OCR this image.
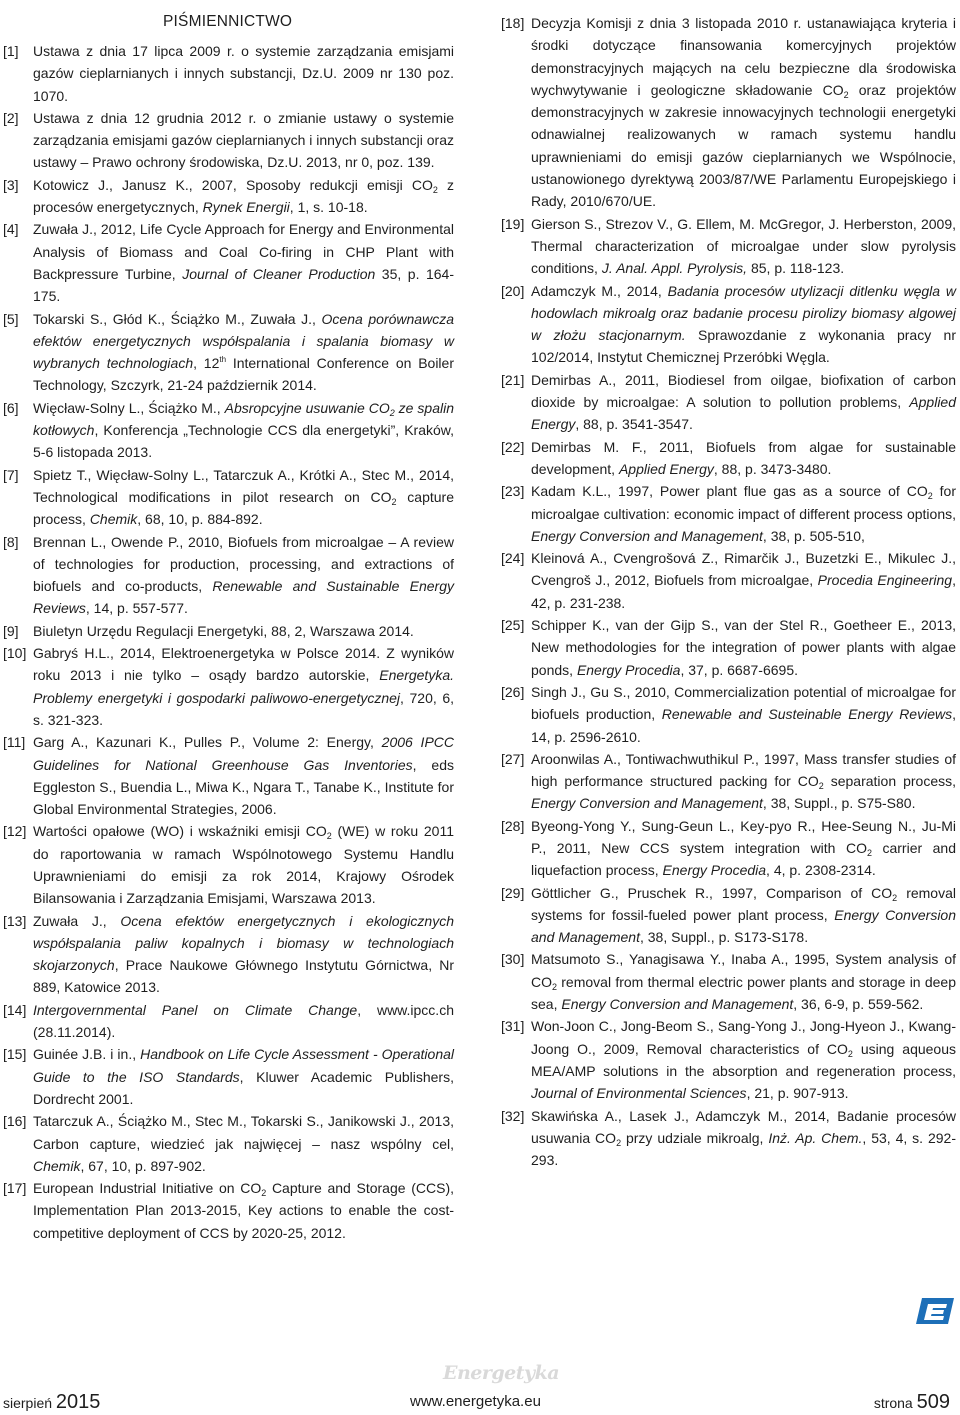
PIŚMIENNICTWO
[1]	Ustawa z dnia 17 lipca 2009 r. o systemie zarządzania emisjami gazów cieplarnianych i innych substancji, Dz.U. 2009 nr 130 poz. 1070.
[2]	Ustawa z dnia 12 grudnia 2012 r. o zmianie ustawy o systemie zarządzania emisjami gazów cieplarnianych i innych substancji oraz ustawy – Prawo ochrony środowiska, Dz.U. 2013, nr 0, poz. 139.
[3]	Kotowicz J., Janusz K., 2007, Sposoby redukcji emisji $CO_2$ z procesów energetycznych, Rynek Energii, 1, s. 10-18.
[4]	Zuwała J., 2012, Life Cycle Approach for Energy and Environmental Analysis of Biomass and Coal Co-firing in CHP Plant with Backpressure Turbine, Journal of Cleaner Production 35, p. 164-175.
[5]	Tokarski S., Głód K., Ściążko M., Zuwała J., Ocena porównawcza efektów energetycznych współspalania i spalania biomasy w wybranych technologiach, 12th International Conference on Boiler Technology, Szczyrk, 21-24 październik 2014.
[6]	Więcław-Solny L., Ściążko M., Absropcyjne usuwanie $CO_2$ ze spalin kotłowych, Konferencja „Technologie CCS dla energetyki”, Kraków, 5-6 listopada 2013.
[7]	Spietz T., Więcław-Solny L., Tatarczuk A., Krótki A., Stec M., 2014, Technological modifications in pilot research on $CO_2$ capture process, Chemik, 68, 10, p. 884-892.
[8]	Brennan L., Owende P., 2010, Biofuels from microalgae – A review of technologies for production, processing, and extractions of biofuels and co-products, Renewable and Sustainable Energy Reviews, 14, p. 557-577.
[9]	Biuletyn Urzędu Regulacji Energetyki, 88, 2, Warszawa 2014.
[10] Gabryś H.L., 2014, Elektroenergetyka w Polsce 2014. Z wyników roku 2013 i nie tylko – osądy bardzo autorskie, Energetyka. Problemy energetyki i gospodarki paliwowo-energetycznej, 720, 6, s. 321-323.
[11] Garg A., Kazunari K., Pulles P., Volume 2: Energy, 2006 IPCC Guidelines for National Greenhouse Gas Inventories, eds Eggleston S., Buendia L., Miwa K., Ngara T., Tanabe K., Institute for Global Environmental Strategies, 2006.
[12] Wartości opałowe (WO) i wskaźniki emisji $CO_2$ (WE) w roku 2011 do raportowania w ramach Wspólnotowego Systemu Handlu Uprawnieniami do emisji za rok 2014, Krajowy Ośrodek Bilansowania i Zarządzania Emisjami, Warszawa 2013.
[13] Zuwała J., Ocena efektów energetycznych i ekologicznych współspalania paliw kopalnych i biomasy w technologiach skojarzonych, Prace Naukowe Głównego Instytutu Górnictwa, Nr 889, Katowice 2013.
[14] Intergovernmental Panel on Climate Change, www.ipcc.ch (28.11.2014).
[15] Guinée J.B. i in., Handbook on Life Cycle Assessment - Operational Guide to the ISO Standards, Kluwer Academic Publishers, Dordrecht 2001.
[16] Tatarczuk A., Ściążko M., Stec M., Tokarski S., Janikowski J., 2013, Carbon capture, wiedzieć jak najwięcej – nasz wspólny cel, Chemik, 67, 10, p. 897-902.
[17] European Industrial Initiative on $CO_2$ Capture and Storage (CCS), Implementation Plan 2013-2015, Key actions to enable the cost-competitive deployment of CCS by 2020-25, 2012.
[18] Decyzja Komisji z dnia 3 listopada 2010 r. ustanawiająca kryteria i środki dotyczące finansowania komercyjnych projektów demonstracyjnych mających na celu bezpieczne dla środowiska wychwytywanie i geologiczne składowanie $CO_2$ oraz projektów demonstracyjnych w zakresie innowacyjnych technologii energetyki odnawialnej realizowanych w ramach systemu handlu uprawnieniami do emisji gazów cieplarnianych we Wspólnocie, ustanowionego dyrektywą 2003/87/WE Parlamentu Europejskiego i Rady, 2010/670/UE.
[19] Gierson S., Strezov V., G. Ellem, M. McGregor, J. Herberston, 2009, Thermal characterization of microalgae under slow pyrolysis conditions, J. Anal. Appl. Pyrolysis, 85, p. 118-123.
[20] Adamczyk M., 2014, Badania procesów utylizacji ditlenku węgla w hodowlach mikroalg oraz badanie procesu pirolizy biomasy algowej w złożu stacjonarnym. Sprawozdanie z wykonania pracy nr 102/2014, Instytut Chemicznej Przeróbki Węgla.
[21] Demirbas A., 2011, Biodiesel from oilgae, biofixation of carbon dioxide by microalgae: A solution to pollution problems, Applied Energy, 88, p. 3541-3547.
[22] Demirbas M. F., 2011, Biofuels from algae for sustainable development, Applied Energy, 88, p. 3473-3480.
[23] Kadam K.L., 1997, Power plant flue gas as a source of $CO_2$ for microalgae cultivation: economic impact of different process options, Energy Conversion and Management, 38, p. 505-510,
[24] Kleinová A., Cvengrošová Z., Rimarčik J., Buzetzki E., Mikulec J., Cvengroš J., 2012, Biofuels from microalgae, Procedia Engineering, 42, p. 231-238.
[25] Schipper K., van der Gijp S., van der Stel R., Goetheer E., 2013, New methodologies for the integration of power plants with algae ponds, Energy Procedia, 37, p. 6687-6695.
[26] Singh J., Gu S., 2010, Commercialization potential of microalgae for biofuels production, Renewable and Susteinable Energy Reviews, 14, p. 2596-2610.
[27] Aroonwilas A., Tontiwachwuthikul P., 1997, Mass transfer studies of high performance structured packing for $CO_2$ separation process, Energy Conversion and Management, 38, Suppl., p. S75-S80.
[28] Byeong-Yong Y., Sung-Geun L., Key-pyo R., Hee-Seung N., Ju-Mi P., 2011, New CCS system integration with $CO_2$ carrier and liquefaction process, Energy Procedia, 4, p. 2308-2314.
[29] Göttlicher G., Pruschek R., 1997, Comparison of $CO_2$ removal systems for fossil-fueled power plant process, Energy Conversion and Management, 38, Suppl., p. S173-S178.
[30] Matsumoto S., Yanagisawa Y., Inaba A., 1995, System analysis of $CO_2$ removal from thermal electric power plants and storage in deep sea, Energy Conversion and Management, 36, 6-9, p. 559-562.
[31] Won-Joon C., Jong-Beom S., Sang-Yong J., Jong-Hyeon J., Kwang-Joong O., 2009, Removal characteristics of $CO_2$ using aqueous MEA/AMP solutions in the absorption and regeneration process, Journal of Environmental Sciences, 21, p. 907-913.
[32] Skawińska A., Lasek J., Adamczyk M., 2014, Badanie procesów usuwania $CO_2$ przy udziale mikroalg, Inż. Ap. Chem., 53, 4, s. 292-293.
Energetyka
sierpień 2015	www.energetyka.eu	strona 509
